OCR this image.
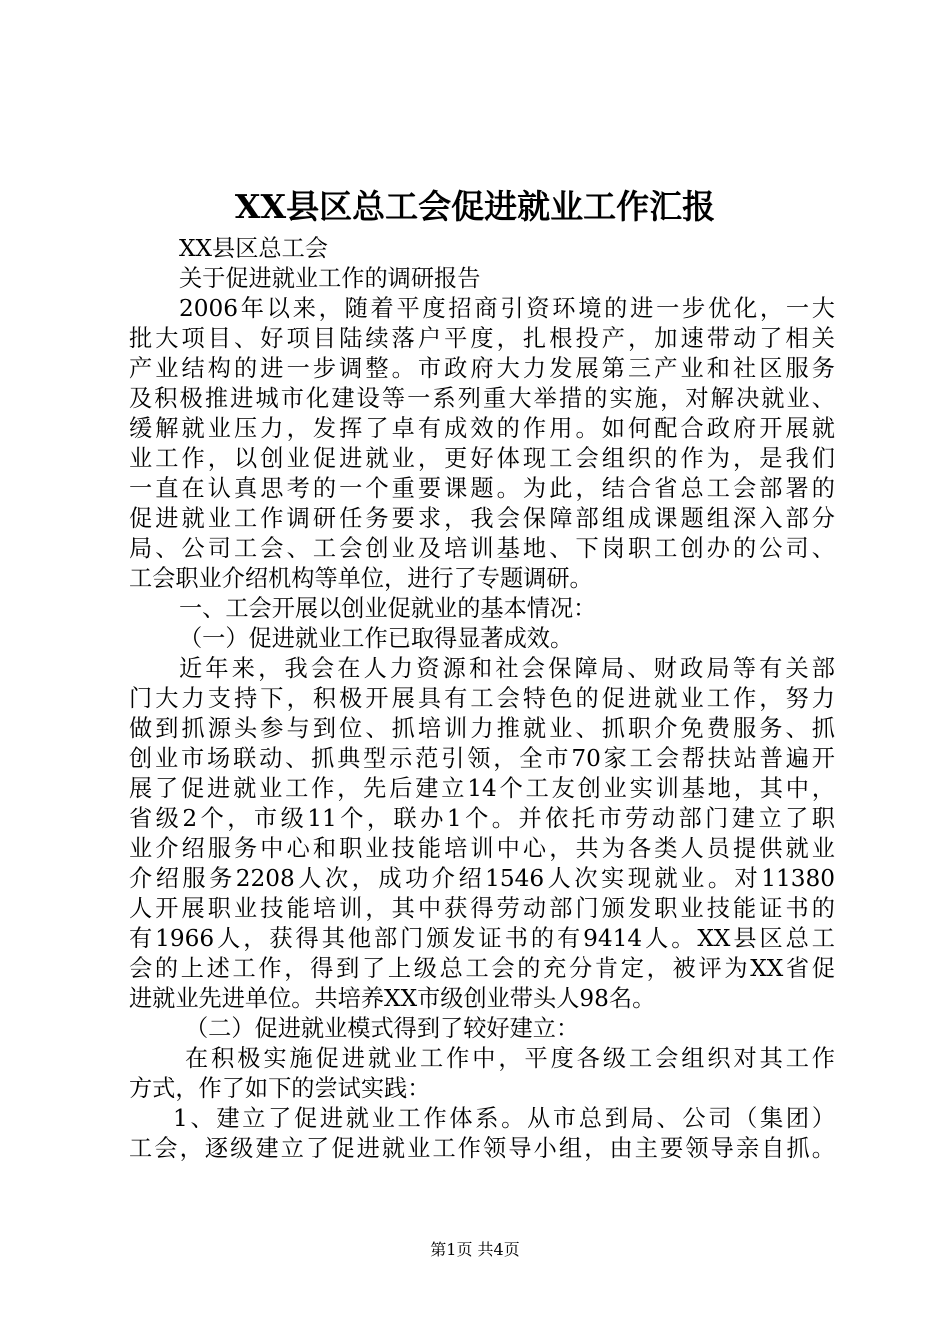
XX县区总工会促进就业工作汇报
XX县区总工会
关于促进就业工作的调研报告
2006年以来，随着平度招商引资环境的进一步优化，一大
批大项目、好项目陆续落户平度，扎根投产，加速带动了相关
产业结构的进一步调整。市政府大力发展第三产业和社区服务
及积极推进城市化建设等一系列重大举措的实施，对解决就业、
缓解就业压力，发挥了卓有成效的作用。如何配合政府开展就
业工作，以创业促进就业，更好体现工会组织的作为，是我们
一直在认真思考的一个重要课题。为此，结合省总工会部署的
促进就业工作调研任务要求，我会保障部组成课题组深入部分
局、公司工会、工会创业及培训基地、下岗职工创办的公司、
工会职业介绍机构等单位，进行了专题调研。
一、工会开展以创业促就业的基本情况：
（一）促进就业工作已取得显著成效。
近年来，我会在人力资源和社会保障局、财政局等有关部
门大力支持下，积极开展具有工会特色的促进就业工作，努力
做到抓源头参与到位、抓培训力推就业、抓职介免费服务、抓
创业市场联动、抓典型示范引领，全市70家工会帮扶站普遍开
展了促进就业工作，先后建立14个工友创业实训基地，其中，
省级2个，市级11个，联办1个。并依托市劳动部门建立了职
业介绍服务中心和职业技能培训中心，共为各类人员提供就业
介绍服务2208人次，成功介绍1546人次实现就业。对11380
人开展职业技能培训，其中获得劳动部门颁发职业技能证书的
有1966人，获得其他部门颁发证书的有9414人。XX县区总工
会的上述工作，得到了上级总工会的充分肯定，被评为XX省促
进就业先进单位。共培养XX市级创业带头人98名。
（二）促进就业模式得到了较好建立：
在积极实施促进就业工作中，平度各级工会组织对其工作
方式，作了如下的尝试实践：
1、建立了促进就业工作体系。从市总到局、公司（集团）
工会，逐级建立了促进就业工作领导小组，由主要领导亲自抓。
第1页 共4页
